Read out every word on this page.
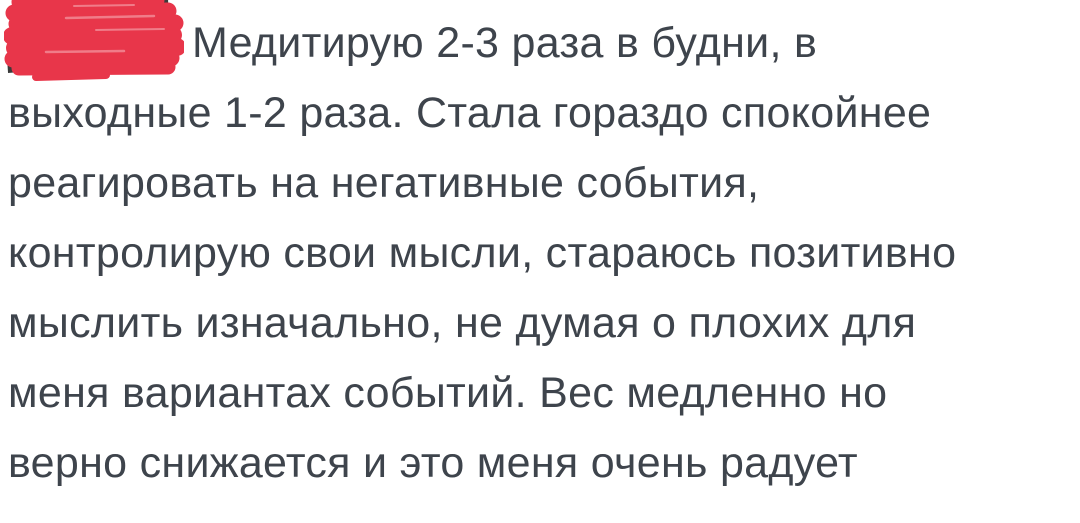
Медитирую 2-3 раза в будни, в
выходные 1-2 раза. Стала гораздо спокойнее
реагировать на негативные события,
контролирую свои мысли, стараюсь позитивно
мыслить изначально, не думая о плохих для
меня вариантах событий. Вес медленно но
верно снижается и это меня очень радует
